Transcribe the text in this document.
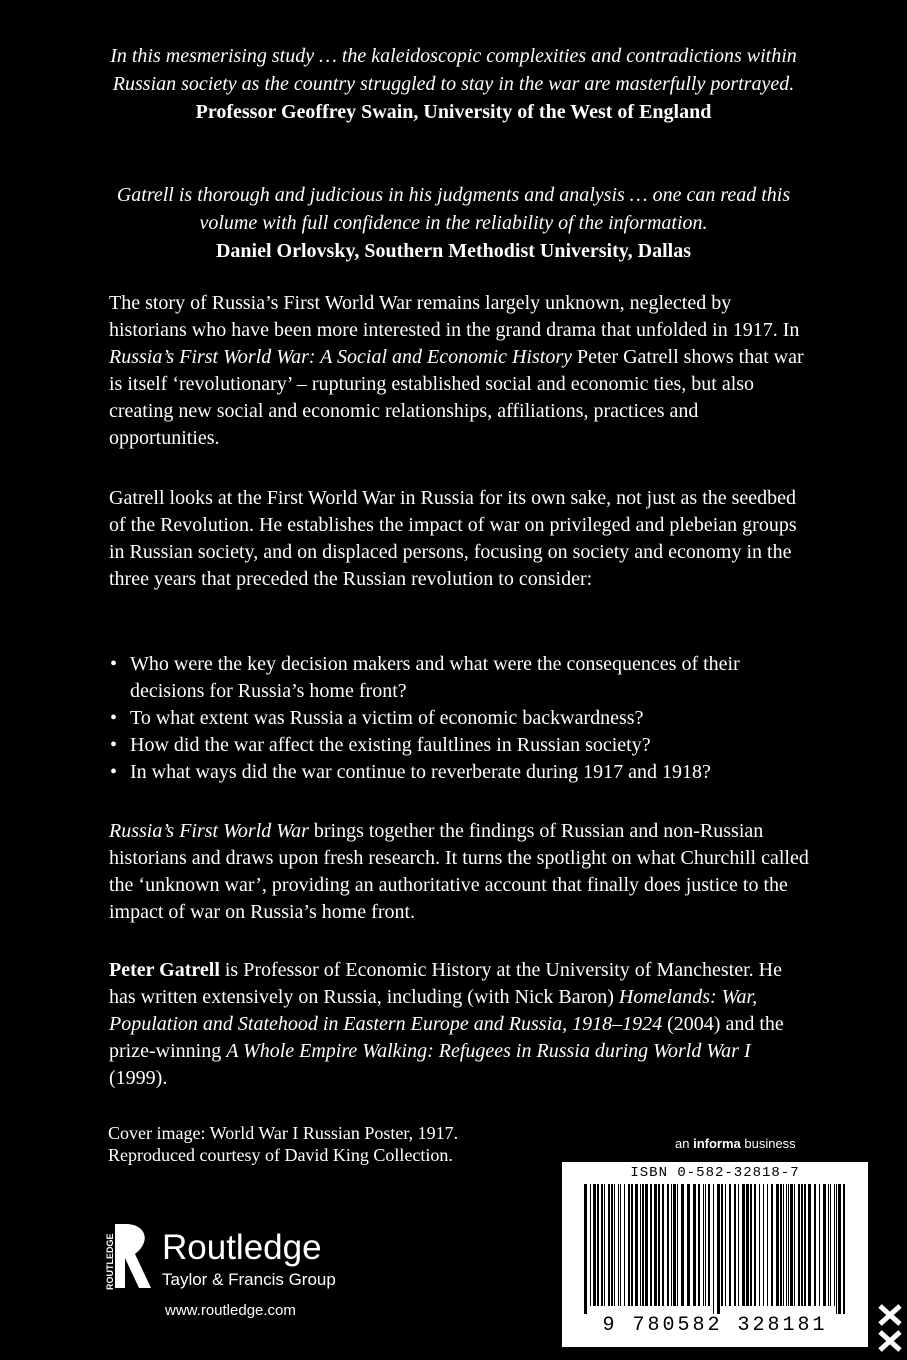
In this mesmerising study … the kaleidoscopic complexities and contradictions within Russian society as the country struggled to stay in the war are masterfully portrayed.
Professor Geoffrey Swain, University of the West of England
Gatrell is thorough and judicious in his judgments and analysis … one can read this volume with full confidence in the reliability of the information.
Daniel Orlovsky, Southern Methodist University, Dallas
The story of Russia’s First World War remains largely unknown, neglected by historians who have been more interested in the grand drama that unfolded in 1917. In Russia’s First World War: A Social and Economic History Peter Gatrell shows that war is itself ‘revolutionary’ – rupturing established social and economic ties, but also creating new social and economic relationships, affiliations, practices and opportunities.
Gatrell looks at the First World War in Russia for its own sake, not just as the seedbed of the Revolution. He establishes the impact of war on privileged and plebeian groups in Russian society, and on displaced persons, focusing on society and economy in the three years that preceded the Russian revolution to consider:
• Who were the key decision makers and what were the consequences of their decisions for Russia’s home front?
• To what extent was Russia a victim of economic backwardness?
• How did the war affect the existing faultlines in Russian society?
• In what ways did the war continue to reverberate during 1917 and 1918?
Russia’s First World War brings together the findings of Russian and non-Russian historians and draws upon fresh research. It turns the spotlight on what Churchill called the ‘unknown war’, providing an authoritative account that finally does justice to the impact of war on Russia’s home front.
Peter Gatrell is Professor of Economic History at the University of Manchester. He has written extensively on Russia, including (with Nick Baron) Homelands: War, Population and Statehood in Eastern Europe and Russia, 1918–1924 (2004) and the prize-winning A Whole Empire Walking: Refugees in Russia during World War I (1999).
Cover image: World War I Russian Poster, 1917.
Reproduced courtesy of David King Collection.
an informa business
ISBN 0-582-32818-7
9 780582 328181
ROUTLEDGE Routledge
Taylor & Francis Group
www.routledge.com
